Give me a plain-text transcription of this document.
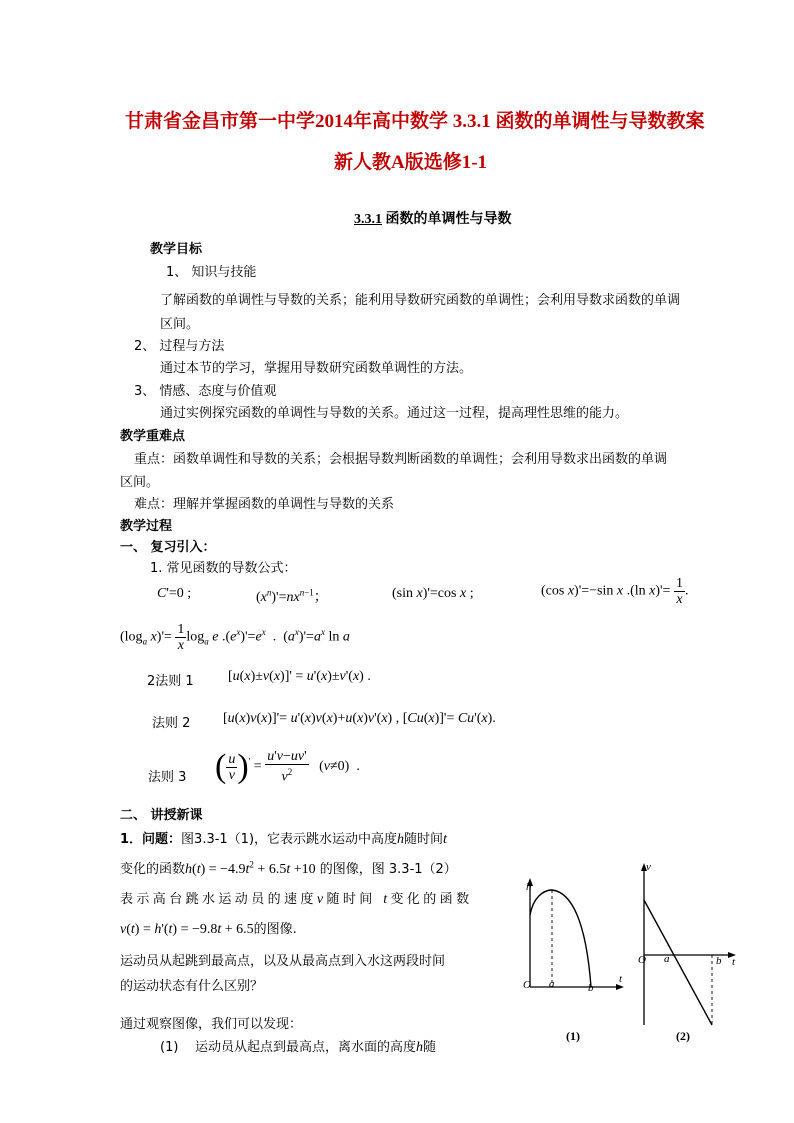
甘肃省金昌市第一中学2014年高中数学 3.3.1 函数的单调性与导数教案
新人教A版选修1-1
3.3.1 函数的单调性与导数
教学目标
1、 知识与技能
了解函数的单调性与导数的关系；能利用导数研究函数的单调性；会利用导数求函数的单调
区间。
2、 过程与方法
通过本节的学习，掌握用导数研究函数单调性的方法。
3、 情感、态度与价值观
通过实例探究函数的单调性与导数的关系。通过这一过程，提高理性思维的能力。
教学重难点
重点：函数单调性和导数的关系；会根据导数判断函数的单调性；会利用导数求出函数的单调
区间。
难点：理解并掌握函数的单调性与导数的关系
教学过程
一、 复习引入：
1. 常见函数的导数公式：
C'=0 ;	$(x^n)'=nx^{n-1}$；	(sin x)'=cos x ;	(cos x)'=−sin x .(ln $x)'= \frac{1}{x}$ .
($\log_a$ $x)'= \frac{1}{x} \log_a e$ $.(e^x)'=e^x$  .  $(a^x)'=a^x$ ln a
2法则 1 [u(x)±v(x)]' = u'(x)±v'(x) .
法则 2 [u(x)v(x)]'= u'(x)v(x)+u(x)v'(x) , [Cu(x)]'= Cu'(x).
法则 3 ( $\frac{u}{v} )' = \frac{u'v-uv'}{v^2} (v\ne 0)$  .
二、 讲授新课
1．问题：图3.3-1（1)，它表示跳水运动中高度h随时间t
变化的函数$h(t) = -4.9t^2 + 6.5t +10$ 的图像，图 3.3-1（2）
表示高台跳水运动员的速度v随时间 t变化的函数
v(t) = h'(t) = −9.8t + 6.5的图像.
运动员从起跳到最高点，以及从最高点到入水这两段时间
的运动状态有什么区别？
通过观察图像，我们可以发现：
(1) 运动员从起点到最高点，离水面的高度h随
h
t
O a	b
(1)
v
t
O a	b
(2)
